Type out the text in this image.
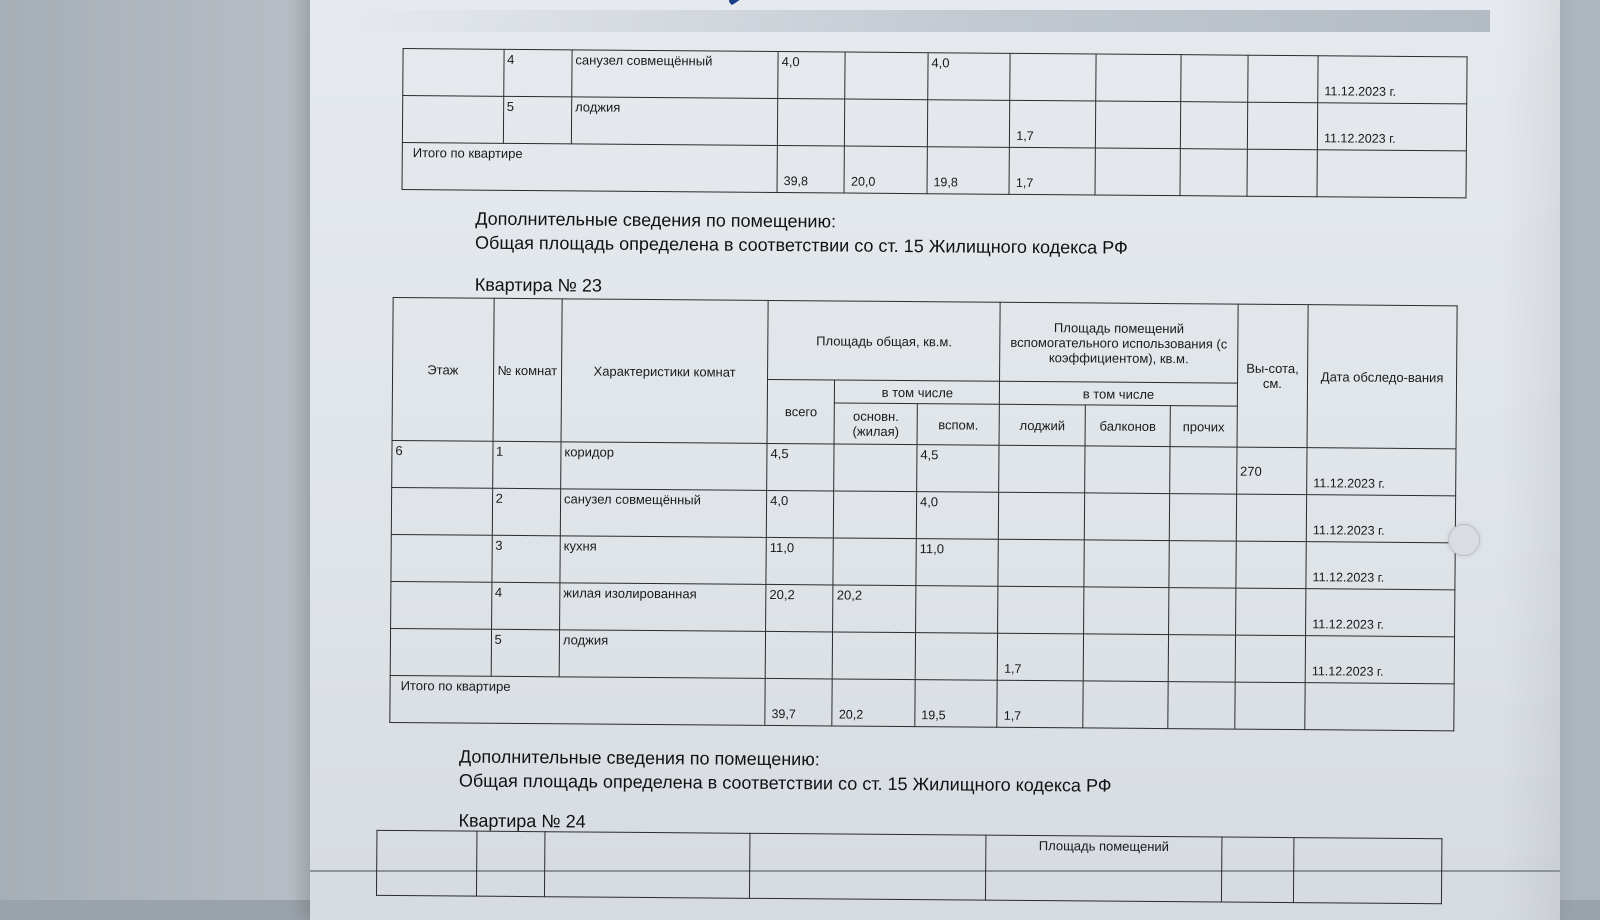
	4	санузел совмещённый	4,0		4,0					11.12.2023 г.
	5	лоджия				1,7				11.12.2023 г.
Итого по квартире			39,8	20,0	19,8	1,7				
Дополнительные сведения по помещению:
Общая площадь определена в соответствии со ст. 15 Жилищного кодекса РФ
Квартира № 23
Этаж	№ комнат	Характеристики комнат	Площадь общая, кв.м.			Площадь помещений вспомогательного использования (с коэффициентом), кв.м.			Вы-сота, см.	Дата обследо-вания
			всего	в том числе		в том числе				
				основн. (жилая)	вспом.	лоджий	балконов	прочих		
6	1	коридор	4,5		4,5				270	11.12.2023 г.
	2	санузел совмещённый	4,0		4,0					11.12.2023 г.
	3	кухня	11,0		11,0					11.12.2023 г.
	4	жилая изолированная	20,2	20,2						11.12.2023 г.
	5	лоджия				1,7				11.12.2023 г.
Итого по квартире			39,7	20,2	19,5	1,7				
Дополнительные сведения по помещению:
Общая площадь определена в соответствии со ст. 15 Жилищного кодекса РФ
Квартира № 24
				Площадь помещений		
